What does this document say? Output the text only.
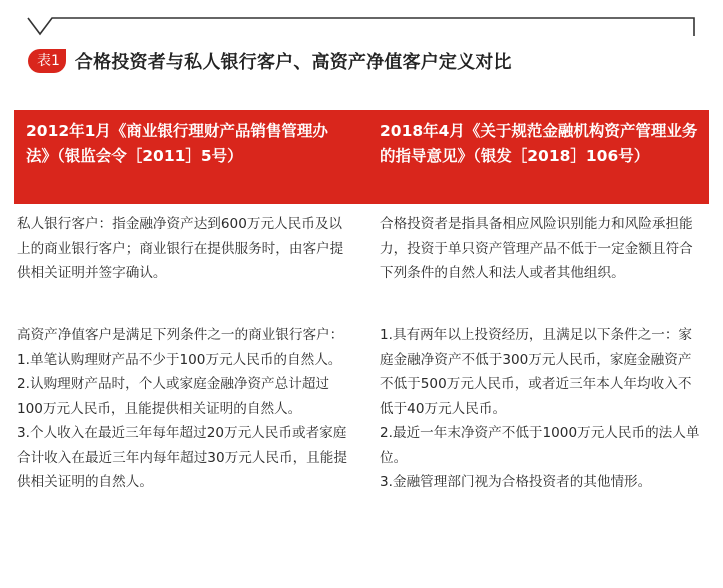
表1 合格投资者与私人银行客户、高资产净值客户定义对比
2012年1月《商业银行理财产品销售管理办法》（银监会令［2011］5号）
2018年4月《关于规范金融机构资产管理业务的指导意见》（银发［2018］106号）

私人银行客户：指金融净资产达到600万元人民币及以上的商业银行客户；商业银行在提供服务时，由客户提供相关证明并签字确认。

高资产净值客户是满足下列条件之一的商业银行客户：

1.单笔认购理财产品不少于100万元人民币的自然人。

2.认购理财产品时，个人或家庭金融净资产总计超过100万元人民币，且能提供相关证明的自然人。

3.个人收入在最近三年每年超过20万元人民币或者家庭合计收入在最近三年内每年超过30万元人民币，且能提供相关证明的自然人。

合格投资者是指具备相应风险识别能力和风险承担能力，投资于单只资产管理产品不低于一定金额且符合下列条件的自然人和法人或者其他组织。

1.具有两年以上投资经历，且满足以下条件之一：家庭金融净资产不低于300万元人民币，家庭金融资产不低于500万元人民币，或者近三年本人年均收入不低于40万元人民币。

2.最近一年末净资产不低于1000万元人民币的法人单位。

3.金融管理部门视为合格投资者的其他情形。
